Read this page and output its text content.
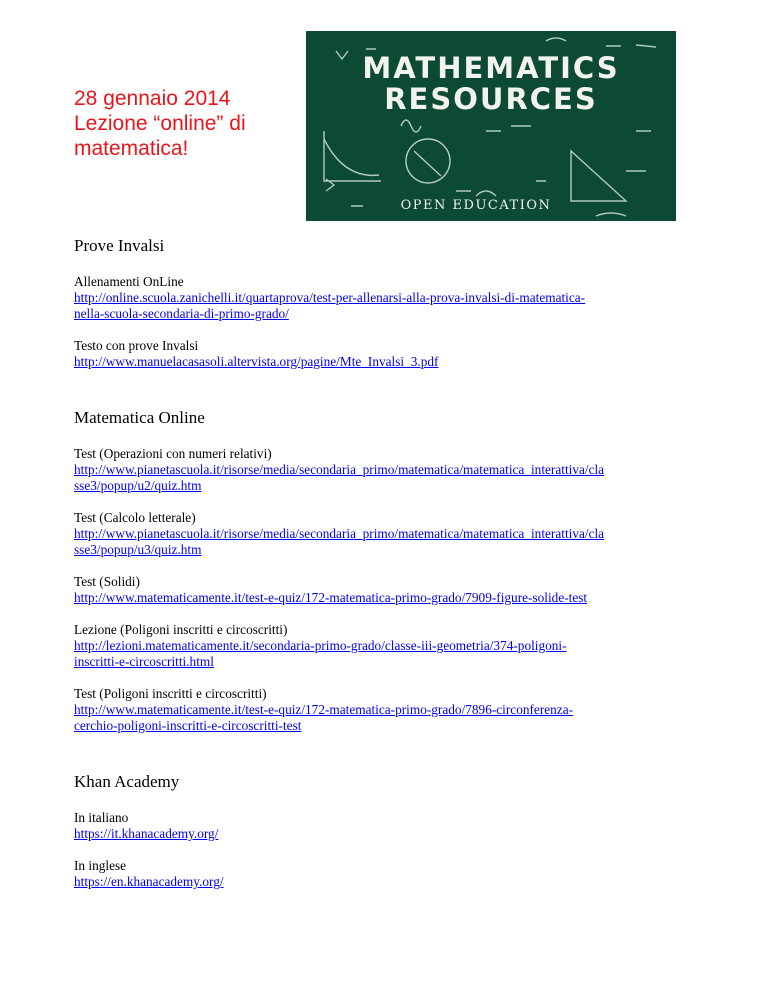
28 gennaio 2014
Lezione “online” di
matematica!
MATHEMATICS
RESOURCES
OPEN EDUCATION
Prove Invalsi
Allenamenti OnLine
http://online.scuola.zanichelli.it/quartaprova/test-per-allenarsi-alla-prova-invalsi-di-matematica-
nella-scuola-secondaria-di-primo-grado/
Testo con prove Invalsi
http://www.manuelacasasoli.altervista.org/pagine/Mte_Invalsi_3.pdf
Matematica Online
Test (Operazioni con numeri relativi)
http://www.pianetascuola.it/risorse/media/secondaria_primo/matematica/matematica_interattiva/cla
sse3/popup/u2/quiz.htm
Test (Calcolo letterale)
http://www.pianetascuola.it/risorse/media/secondaria_primo/matematica/matematica_interattiva/cla
sse3/popup/u3/quiz.htm
Test (Solidi)
http://www.matematicamente.it/test-e-quiz/172-matematica-primo-grado/7909-figure-solide-test
Lezione (Poligoni inscritti e circoscritti)
http://lezioni.matematicamente.it/secondaria-primo-grado/classe-iii-geometria/374-poligoni-
inscritti-e-circoscritti.html
Test (Poligoni inscritti e circoscritti)
http://www.matematicamente.it/test-e-quiz/172-matematica-primo-grado/7896-circonferenza-
cerchio-poligoni-inscritti-e-circoscritti-test
Khan Academy
In italiano
https://it.khanacademy.org/
In inglese
https://en.khanacademy.org/
